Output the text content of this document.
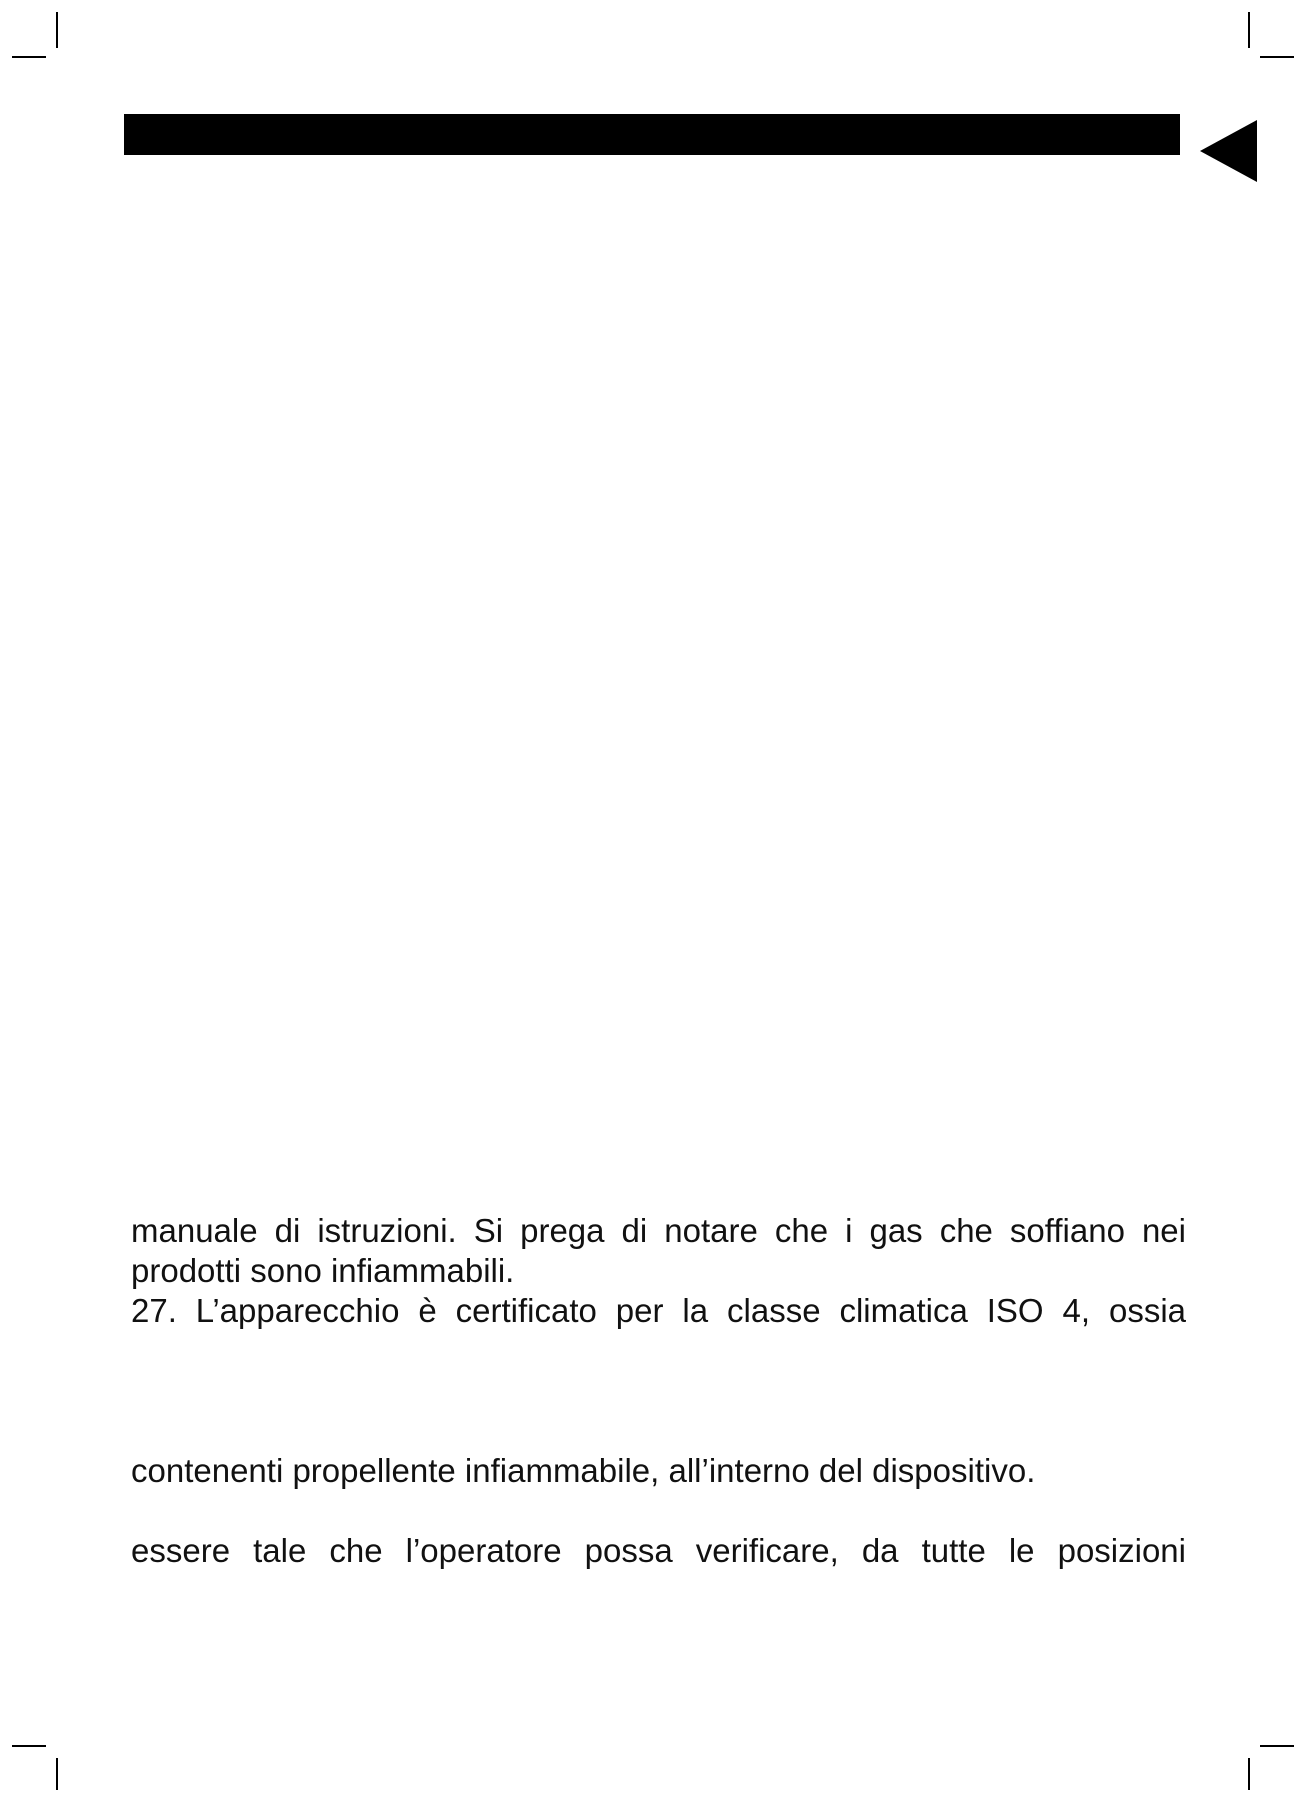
manuale di istruzioni. Si prega di notare che i gas che soffiano nei
prodotti sono infiammabili.
27. L’apparecchio è certificato per la classe climatica ISO 4, ossia
contenenti propellente infiammabile, all’interno del dispositivo.
essere tale che l’operatore possa verificare, da tutte le posizioni
